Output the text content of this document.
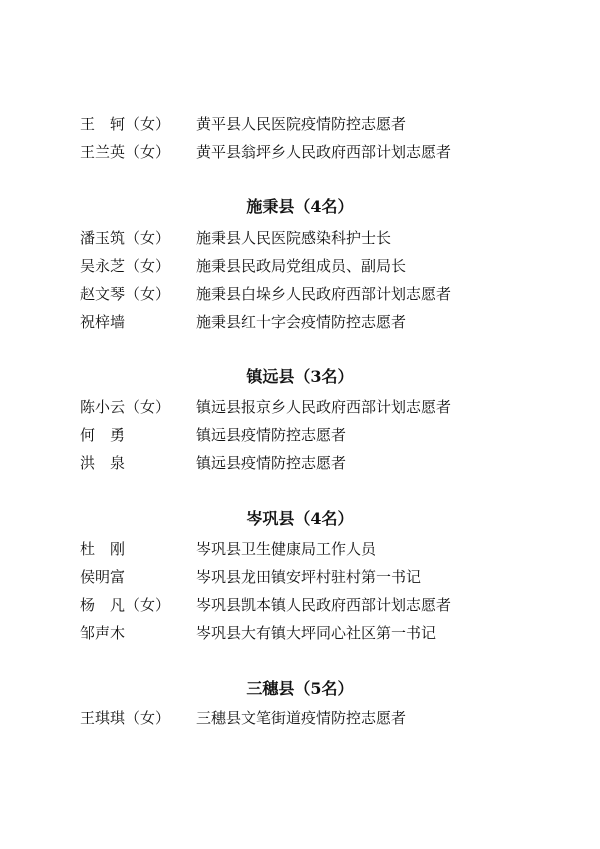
王　轲（女）	黄平县人民医院疫情防控志愿者
王兰英（女）	黄平县翁坪乡人民政府西部计划志愿者
施秉县（4名）
潘玉筑（女）	施秉县人民医院感染科护士长
吴永芝（女）	施秉县民政局党组成员、副局长
赵文琴（女）	施秉县白垛乡人民政府西部计划志愿者
祝梓墙	施秉县红十字会疫情防控志愿者
镇远县（3名）
陈小云（女）	镇远县报京乡人民政府西部计划志愿者
何　勇	镇远县疫情防控志愿者
洪　泉	镇远县疫情防控志愿者
岑巩县（4名）
杜　刚	岑巩县卫生健康局工作人员
侯明富	岑巩县龙田镇安坪村驻村第一书记
杨　凡（女）	岑巩县凯本镇人民政府西部计划志愿者
邹声木	岑巩县大有镇大坪同心社区第一书记
三穗县（5名）
王琪琪（女）	三穗县文笔街道疫情防控志愿者
